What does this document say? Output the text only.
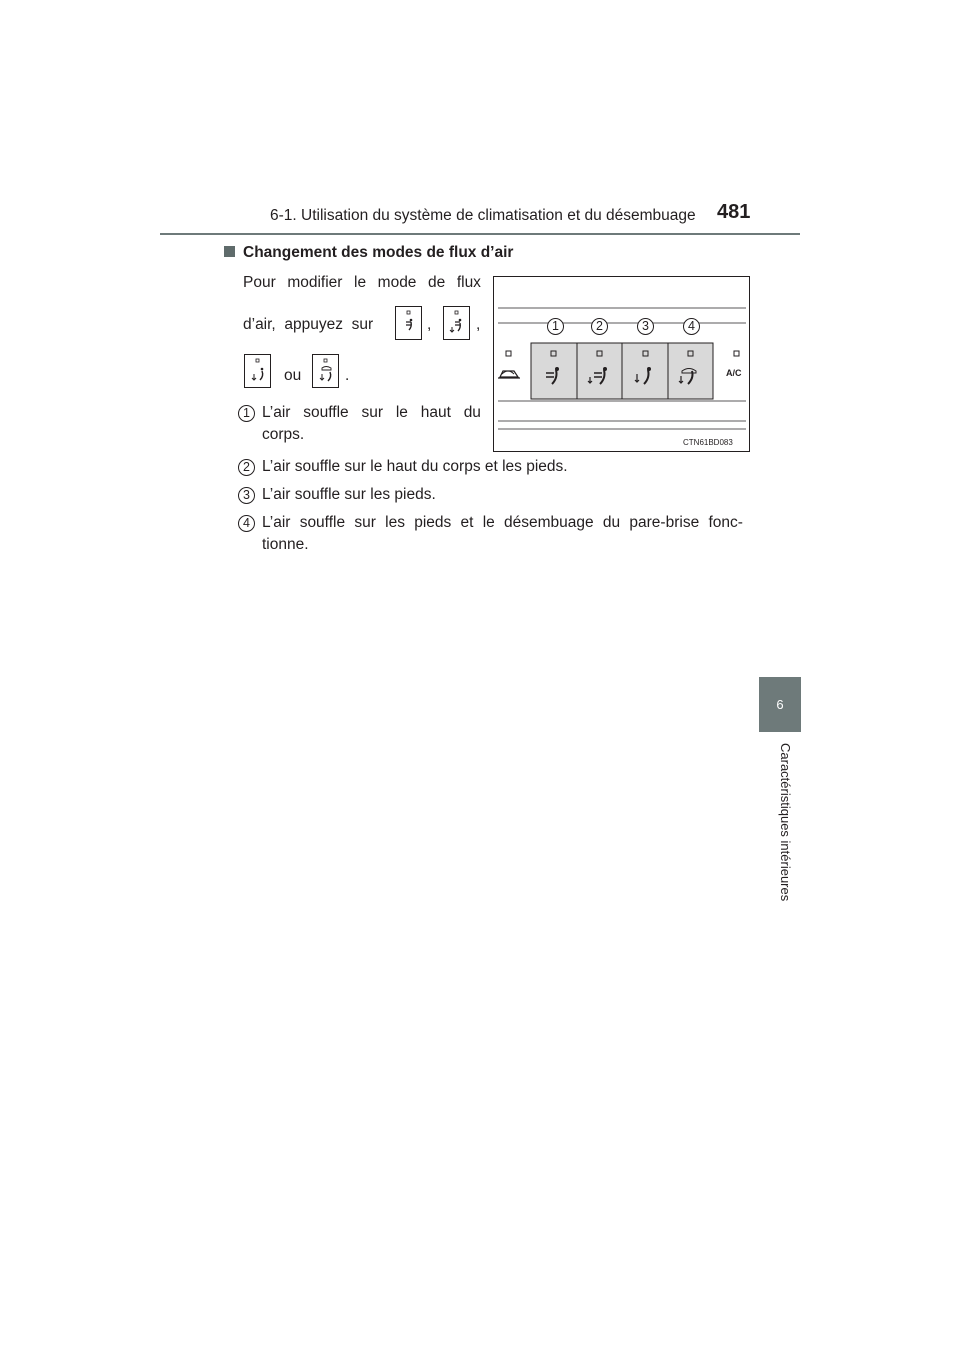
6-1. Utilisation du système de climatisation et du désembuage 481
6
Caractéristiques intérieures
Changement des modes de flux d’air
Pour modifier le mode de flux
d’air, appuyez sur	,	,
ou	.
1 L’air souffle sur le haut du
corps.
2 L’air souffle sur le haut du corps et les pieds.
3 L’air souffle sur les pieds.
4 L’air souffle sur les pieds et le désembuage du pare-brise fonc-
tionne.
A/C
1	2	3	4
CTN61BD083
